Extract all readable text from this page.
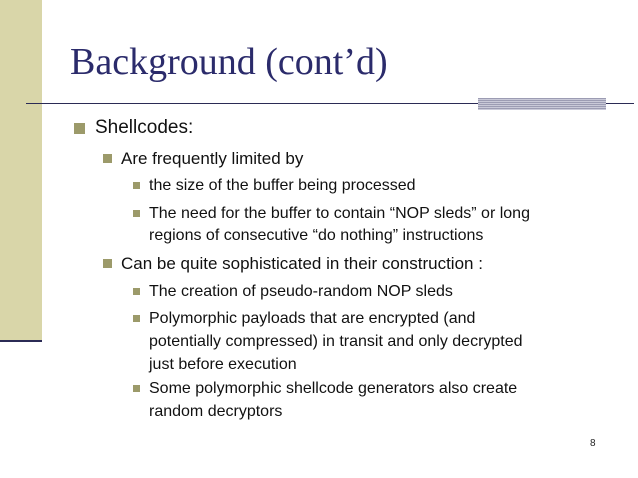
Background (cont’d)
Shellcodes:
Are frequently limited by
the size of the buffer being processed
The need for the buffer to contain “NOP sleds” or long
regions of consecutive “do nothing” instructions
Can be quite sophisticated in their construction :
The creation of pseudo-random NOP sleds
Polymorphic payloads that are encrypted (and
potentially compressed) in transit and only decrypted
just before execution
Some polymorphic shellcode generators also create
random decryptors
8
